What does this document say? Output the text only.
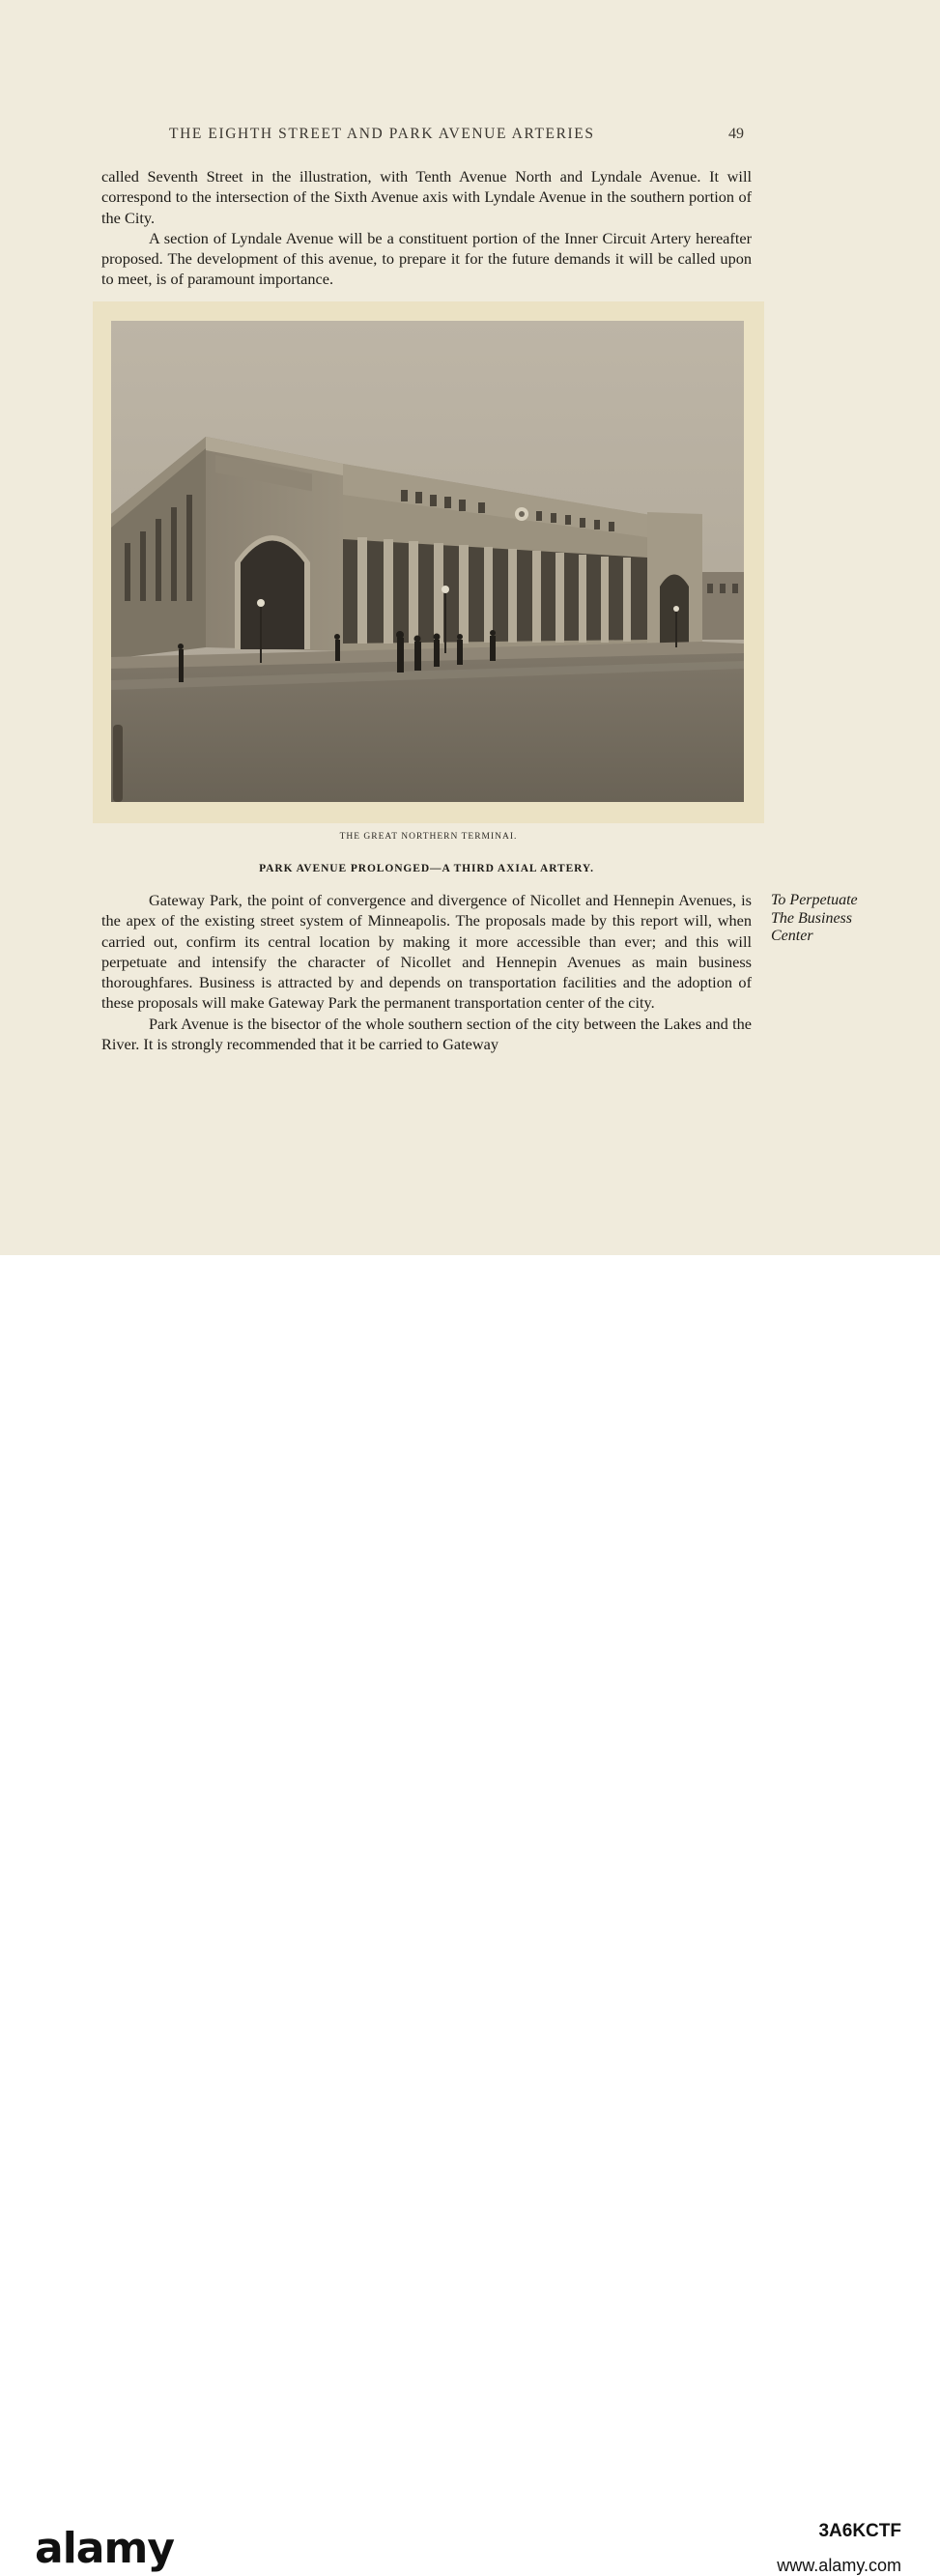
THE EIGHTH STREET AND PARK AVENUE ARTERIES	49

called Seventh Street in the illustration, with Tenth Avenue North and Lyndale Avenue. It will correspond to the intersection of the Sixth Avenue axis with Lyndale Avenue in the southern portion of the City.

A section of Lyndale Avenue will be a constituent portion of the Inner Circuit Artery hereafter proposed. The development of this avenue, to prepare it for the future demands it will be called upon to meet, is of paramount importance.

THE GREAT NORTHERN TERMINAI.
PARK AVENUE PROLONGED—A THIRD AXIAL ARTERY.

Gateway Park, the point of convergence and divergence of Nicollet and Hennepin Avenues, is the apex of the existing street system of Minneapolis. The proposals made by this report will, when carried out, confirm its central location by making it more accessible than ever; and this will perpetuate and intensify the character of Nicollet and Hennepin Avenues as main business thoroughfares. Business is attracted by and depends on transportation facilities and the adoption of these proposals will make Gateway Park the permanent transportation center of the city.

Park Avenue is the bisector of the whole southern section of the city between the Lakes and the River. It is strongly recommended that it be carried to Gateway

To Perpetuate
The Business
Center
alamy	3A6KCTF
www.alamy.com
